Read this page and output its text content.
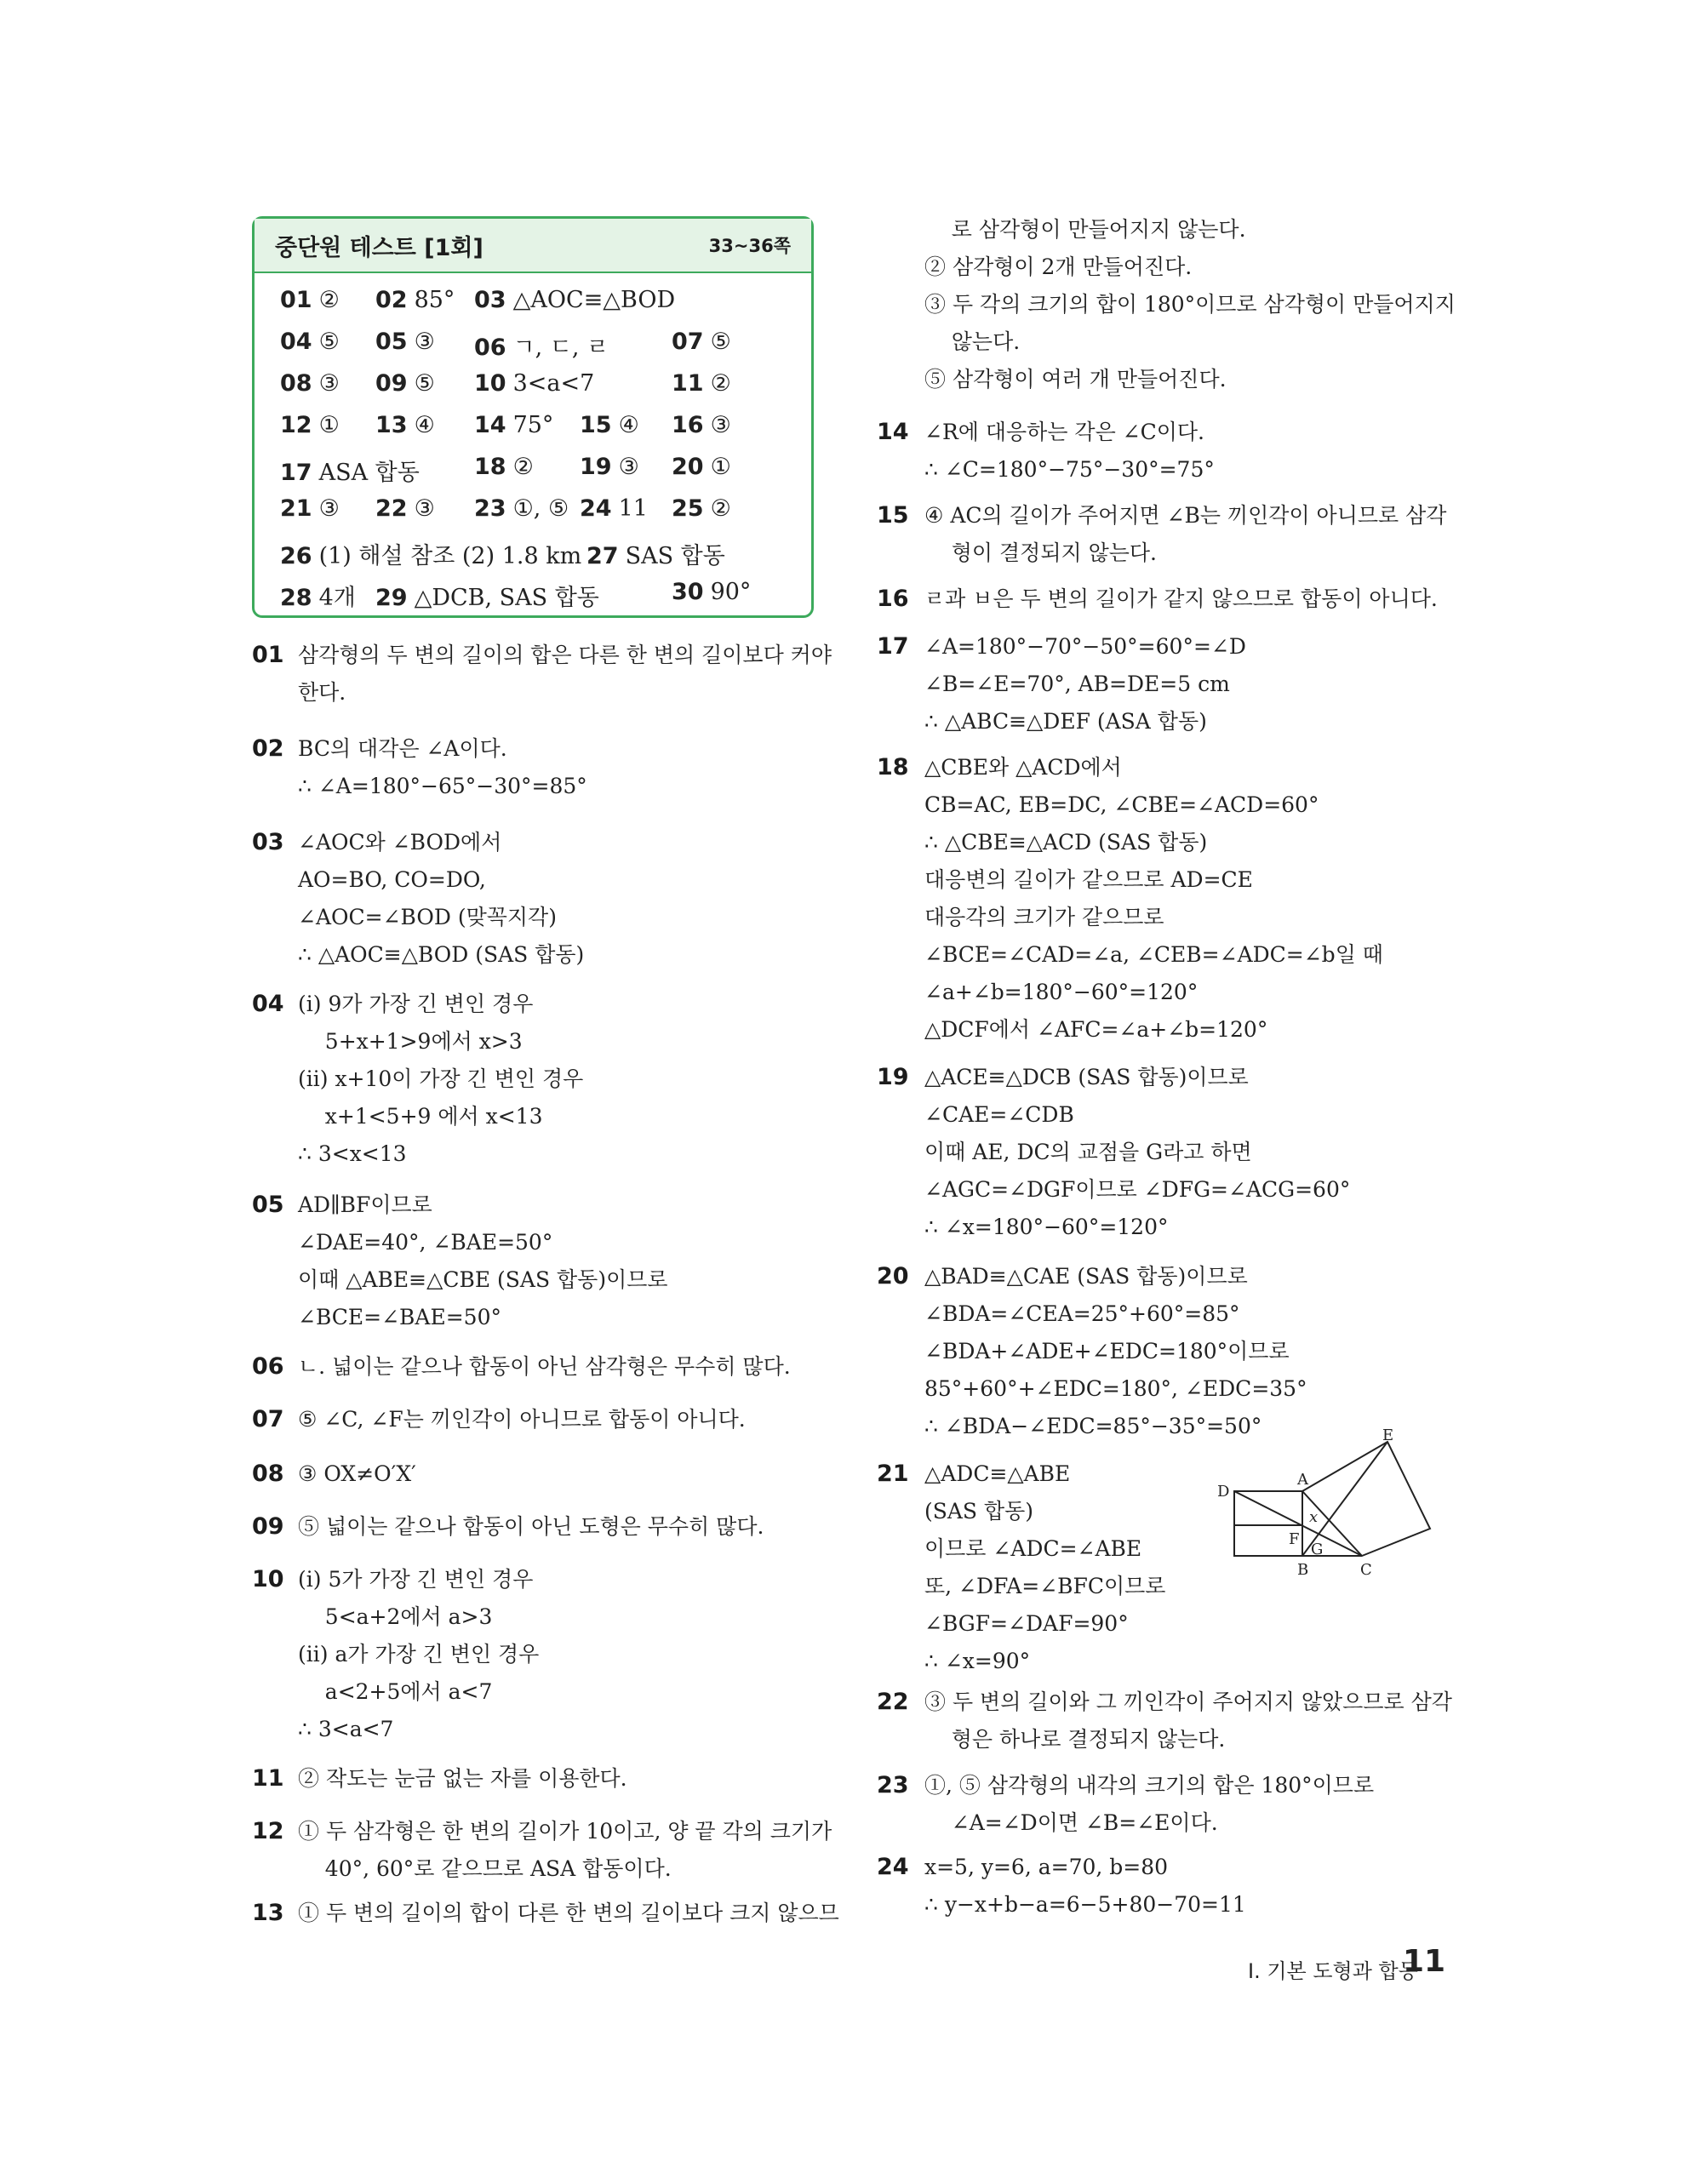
중단원 테스트 [1회]	33~36쪽
01 ② 02 85° 03 △AOC≡△BOD
04 ⑤ 05 ③ 06 ㄱ, ㄷ, ㄹ	07 ⑤
08 ③ 09 ⑤ 10 3<a<7	11 ②
12 ① 13 ④ 14 75° 15 ④ 16 ③
17 ASA 합동 18 ② 19 ③ 20 ①
21 ③ 22 ③ 23 ①, ⑤ 24 11 25 ②
26 (1) 해설 참조 (2) 1.8 km 27 SAS 합동
28 4개 29 △DCB, SAS 합동	30 90°
01 삼각형의 두 변의 길이의 합은 다른 한 변의 길이보다 커야
한다.
02 BC의 대각은 ∠A이다.
∴ ∠A=180°−65°−30°=85°
03 ∠AOC와 ∠BOD에서
AO=BO, CO=DO,
∠AOC=∠BOD (맞꼭지각)
∴ △AOC≡△BOD (SAS 합동)
04 (ⅰ) 9가 가장 긴 변인 경우
5+x+1>9에서 x>3
(ⅱ) x+10이 가장 긴 변인 경우
x+1<5+9 에서 x<13
∴ 3<x<13
05 AD∥BF이므로
∠DAE=40°, ∠BAE=50°
이때 △ABE≡△CBE (SAS 합동)이므로
∠BCE=∠BAE=50°
06 ㄴ. 넓이는 같으나 합동이 아닌 삼각형은 무수히 많다.
07 ⑤ ∠C, ∠F는 끼인각이 아니므로 합동이 아니다.
08 ③ OX≠O′X′
09 ⑤ 넓이는 같으나 합동이 아닌 도형은 무수히 많다.
10 (ⅰ) 5가 가장 긴 변인 경우
5<a+2에서 a>3
(ⅱ) a가 가장 긴 변인 경우
a<2+5에서 a<7
∴ 3<a<7
11 ② 작도는 눈금 없는 자를 이용한다.
12 ① 두 삼각형은 한 변의 길이가 10이고, 양 끝 각의 크기가
40°, 60°로 같으므로 ASA 합동이다.
13 ① 두 변의 길이의 합이 다른 한 변의 길이보다 크지 않으므
로 삼각형이 만들어지지 않는다.
② 삼각형이 2개 만들어진다.
③ 두 각의 크기의 합이 180°이므로 삼각형이 만들어지지
않는다.
⑤ 삼각형이 여러 개 만들어진다.
14 ∠R에 대응하는 각은 ∠C이다.
∴ ∠C=180°−75°−30°=75°
15 ④ AC의 길이가 주어지면 ∠B는 끼인각이 아니므로 삼각
형이 결정되지 않는다.
16 ㄹ과 ㅂ은 두 변의 길이가 같지 않으므로 합동이 아니다.
17 ∠A=180°−70°−50°=60°=∠D
∠B=∠E=70°, AB=DE=5 cm
∴ △ABC≡△DEF (ASA 합동)
18 △CBE와 △ACD에서
CB=AC, EB=DC, ∠CBE=∠ACD=60°
∴ △CBE≡△ACD (SAS 합동)
대응변의 길이가 같으므로 AD=CE
대응각의 크기가 같으므로
∠BCE=∠CAD=∠a, ∠CEB=∠ADC=∠b일 때
∠a+∠b=180°−60°=120°
△DCF에서 ∠AFC=∠a+∠b=120°
19 △ACE≡△DCB (SAS 합동)이므로
∠CAE=∠CDB
이때 AE, DC의 교점을 G라고 하면
∠AGC=∠DGF이므로 ∠DFG=∠ACG=60°
∴ ∠x=180°−60°=120°
20 △BAD≡△CAE (SAS 합동)이므로
∠BDA=∠CEA=25°+60°=85°
∠BDA+∠ADE+∠EDC=180°이므로
85°+60°+∠EDC=180°, ∠EDC=35°
∴ ∠BDA−∠EDC=85°−35°=50°
21 △ADC≡△ABE
(SAS 합동)
이므로 ∠ADC=∠ABE
또, ∠DFA=∠BFC이므로
∠BGF=∠DAF=90°
∴ ∠x=90°
22 ③ 두 변의 길이와 그 끼인각이 주어지지 않았으므로 삼각
형은 하나로 결정되지 않는다.
23 ①, ⑤ 삼각형의 내각의 크기의 합은 180°이므로
∠A=∠D이면 ∠B=∠E이다.
24 x=5, y=6, a=70, b=80
∴ y−x+b−a=6−5+80−70=11
E
A
D
x
F
G
B	C
Ⅰ. 기본 도형과 합동
11
